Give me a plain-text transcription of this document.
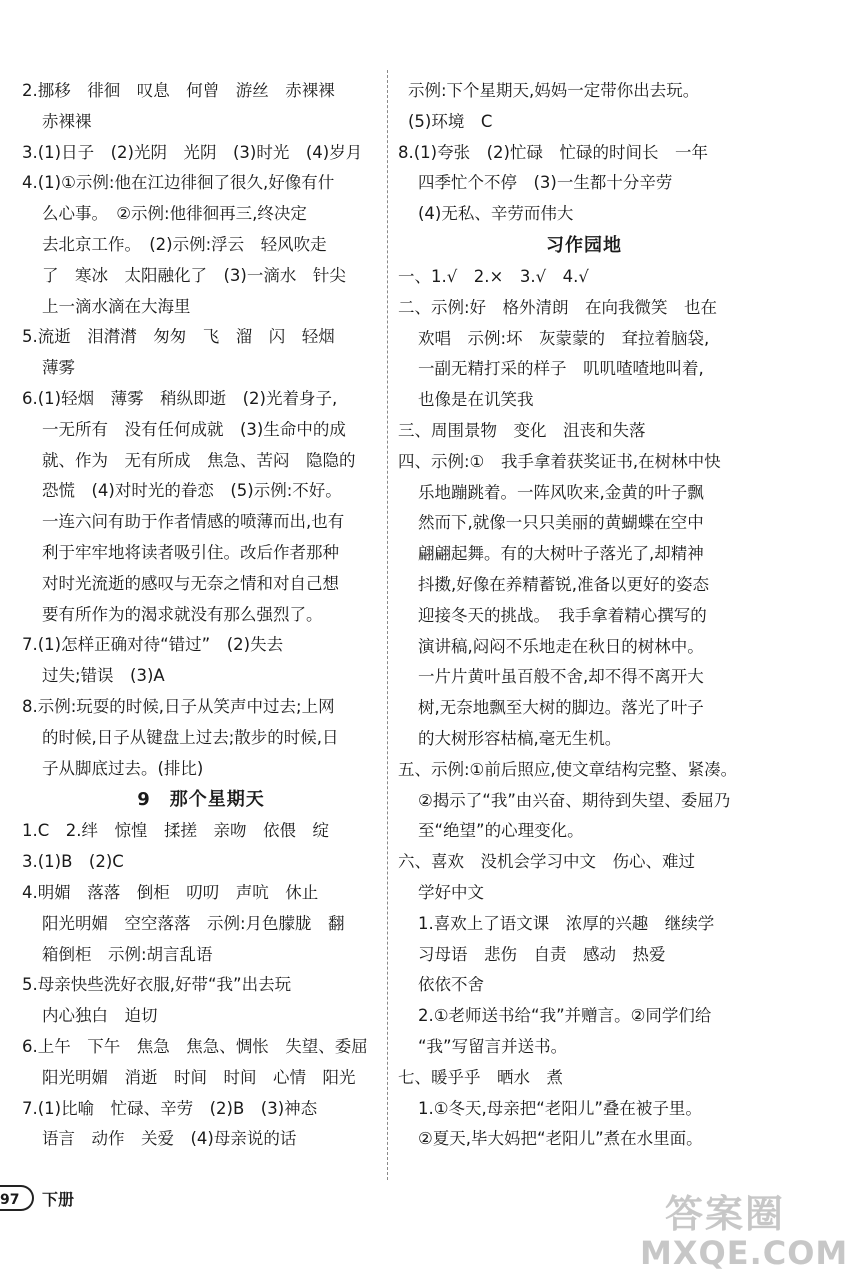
2.挪移　徘徊　叹息　何曾　游丝　赤裸裸
赤裸裸
3.(1)日子　(2)光阴　光阴　(3)时光　(4)岁月
4.(1)①示例:他在江边徘徊了很久,好像有什
么心事。　②示例:他徘徊再三,终决定
去北京工作。　(2)示例:浮云　轻风吹走
了　寒冰　太阳融化了　(3)一滴水　针尖
上一滴水滴在大海里
5.流逝　泪潸潸　匆匆　飞　溜　闪　轻烟
薄雾
6.(1)轻烟　薄雾　稍纵即逝　(2)光着身子,
一无所有　没有任何成就　(3)生命中的成
就、作为　无有所成　焦急、苦闷　隐隐的
恐慌　(4)对时光的眷恋　(5)示例:不好。
一连六问有助于作者情感的喷薄而出,也有
利于牢牢地将读者吸引住。改后作者那种
对时光流逝的感叹与无奈之情和对自己想
要有所作为的渴求就没有那么强烈了。
7.(1)怎样正确对待“错过”　(2)失去
过失;错误　(3)A
8.示例:玩耍的时候,日子从笑声中过去;上网
的时候,日子从键盘上过去;散步的时候,日
子从脚底过去。(排比)
9　那个星期天
1.C　2.绊　惊惶　揉搓　亲吻　依偎　绽
3.(1)B　(2)C
4.明媚　落落　倒柜　叨叨　声吭　休止
阳光明媚　空空落落　示例:月色朦胧　翻
箱倒柜　示例:胡言乱语
5.母亲快些洗好衣服,好带“我”出去玩
内心独白　迫切
6.上午　下午　焦急　焦急、惆怅　失望、委屈
阳光明媚　消逝　时间　时间　心情　阳光
7.(1)比喻　忙碌、辛劳　(2)B　(3)神态
语言　动作　关爱　(4)母亲说的话
示例:下个星期天,妈妈一定带你出去玩。
(5)环境　C
8.(1)夸张　(2)忙碌　忙碌的时间长　一年
四季忙个不停　(3)一生都十分辛劳
(4)无私、辛劳而伟大
习作园地
一、1.√　2.×　3.√　4.√
二、示例:好　格外清朗　在向我微笑　也在
欢唱　示例:坏　灰蒙蒙的　耷拉着脑袋,
一副无精打采的样子　叽叽喳喳地叫着,
也像是在讥笑我
三、周围景物　变化　沮丧和失落
四、示例:①　我手拿着获奖证书,在树林中快
乐地蹦跳着。一阵风吹来,金黄的叶子飘
然而下,就像一只只美丽的黄蝴蝶在空中
翩翩起舞。有的大树叶子落光了,却精神
抖擞,好像在养精蓄锐,准备以更好的姿态
迎接冬天的挑战。　我手拿着精心撰写的
演讲稿,闷闷不乐地走在秋日的树林中。
一片片黄叶虽百般不舍,却不得不离开大
树,无奈地飘至大树的脚边。落光了叶子
的大树形容枯槁,毫无生机。
五、示例:①前后照应,使文章结构完整、紧凑。
②揭示了“我”由兴奋、期待到失望、委屈乃
至“绝望”的心理变化。
六、喜欢　没机会学习中文　伤心、难过
学好中文
1.喜欢上了语文课　浓厚的兴趣　继续学
习母语　悲伤　自责　感动　热爱
依依不舍
2.①老师送书给“我”并赠言。②同学们给
“我”写留言并送书。
七、暖乎乎　晒水　煮
1.①冬天,母亲把“老阳儿”叠在被子里。
②夏天,毕大妈把“老阳儿”煮在水里面。
97	下册	答案圈
MXQE.COM
